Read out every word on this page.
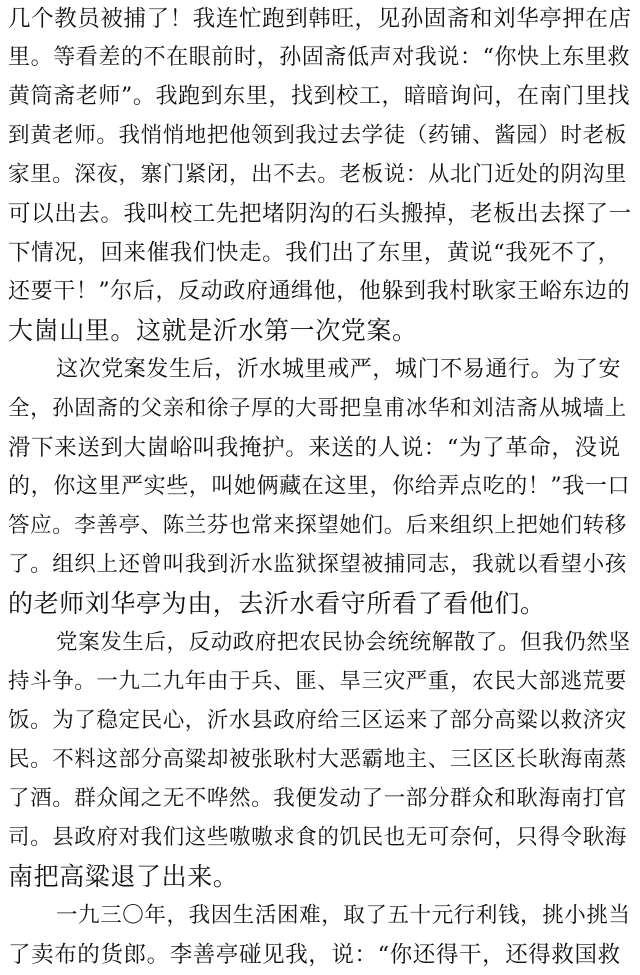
几个教员被捕了！我连忙跑到韩旺，见孙固斋和刘华亭押在店
里。等看差的不在眼前时，孙固斋低声对我说：“你快上东里救
黄筒斋老师”。我跑到东里，找到校工，暗暗询问，在南门里找
到黄老师。我悄悄地把他领到我过去学徒（药铺、酱园）时老板
家里。深夜，寨门紧闭，出不去。老板说：从北门近处的阴沟里
可以出去。我叫校工先把堵阴沟的石头搬掉，老板出去探了一
下情况，回来催我们快走。我们出了东里，黄说“我死不了，
还要干！”尔后，反动政府通缉他，他躲到我村耿家王峪东边的
大崮山里。这就是沂水第一次党案。
这次党案发生后，沂水城里戒严，城门不易通行。为了安
全，孙固斋的父亲和徐子厚的大哥把皇甫冰华和刘洁斋从城墙上
滑下来送到大崮峪叫我掩护。来送的人说：“为了革命，没说
的，你这里严实些，叫她俩藏在这里，你给弄点吃的！”我一口
答应。李善亭、陈兰芬也常来探望她们。后来组织上把她们转移
了。组织上还曾叫我到沂水监狱探望被捕同志，我就以看望小孩
的老师刘华亭为由，去沂水看守所看了看他们。
党案发生后，反动政府把农民协会统统解散了。但我仍然坚
持斗争。一九二九年由于兵、匪、旱三灾严重，农民大部逃荒要
饭。为了稳定民心，沂水县政府给三区运来了部分高粱以救济灾
民。不料这部分高粱却被张耿村大恶霸地主、三区区长耿海南蒸
了酒。群众闻之无不哗然。我便发动了一部分群众和耿海南打官
司。县政府对我们这些嗷嗷求食的饥民也无可奈何，只得令耿海
南把高粱退了出来。
一九三〇年，我因生活困难，取了五十元行利钱，挑小挑当
了卖布的货郎。李善亭碰见我，说：“你还得干，还得救国救
